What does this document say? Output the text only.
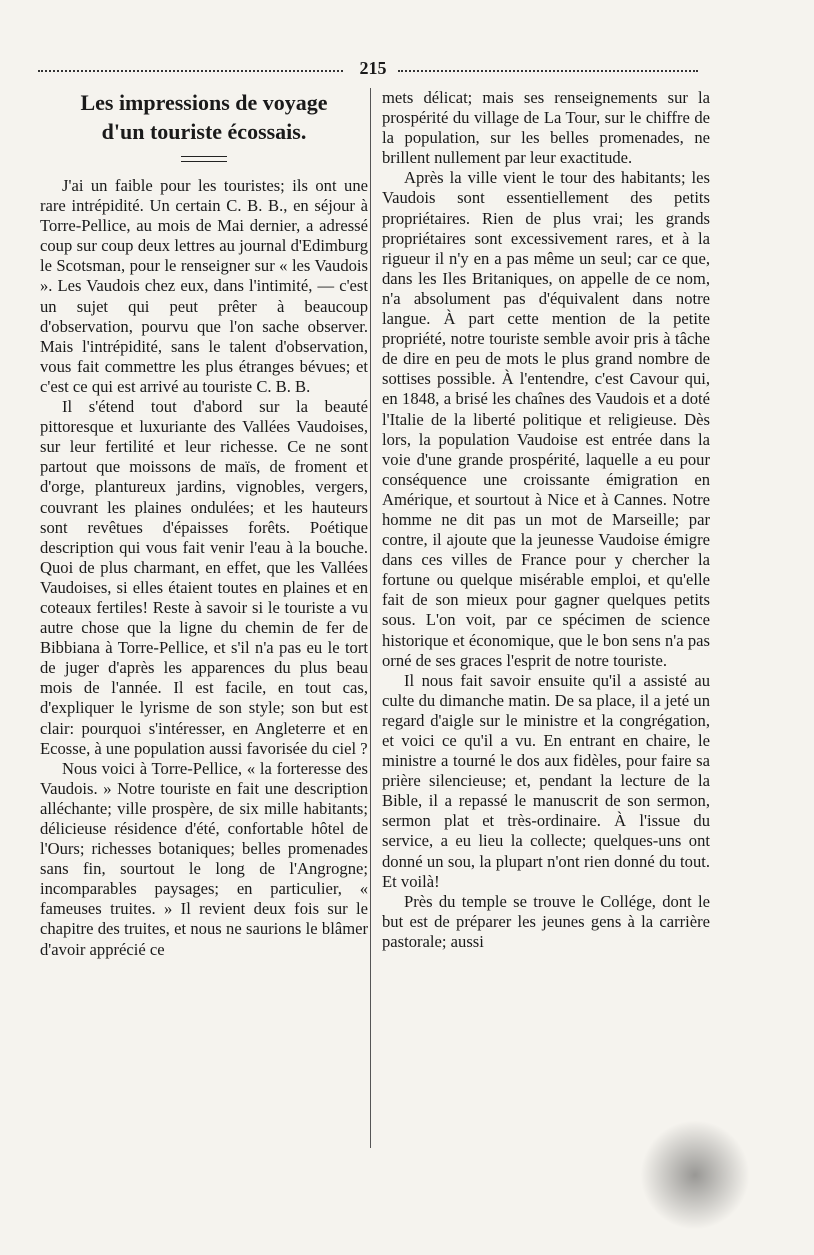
215
Les impressions de voyage
d'un touriste écossais.

J'ai un faible pour les touristes; ils ont une rare intrépidité. Un certain C. B. B., en séjour à Torre-Pellice, au mois de Mai dernier, a adressé coup sur coup deux lettres au journal d'Edimburg le Scotsman, pour le renseigner sur « les Vaudois ». Les Vaudois chez eux, dans l'intimité, — c'est un sujet qui peut prêter à beaucoup d'observation, pourvu que l'on sache observer. Mais l'intrépidité, sans le talent d'observation, vous fait commettre les plus étranges bévues; et c'est ce qui est arrivé au touriste C. B. B.

Il s'étend tout d'abord sur la beauté pittoresque et luxuriante des Vallées Vaudoises, sur leur fertilité et leur richesse. Ce ne sont partout que moissons de maïs, de froment et d'orge, plantureux jardins, vignobles, vergers, couvrant les plaines ondulées; et les hauteurs sont revêtues d'épaisses forêts. Poétique description qui vous fait venir l'eau à la bouche. Quoi de plus charmant, en effet, que les Vallées Vaudoises, si elles étaient toutes en plaines et en coteaux fertiles! Reste à savoir si le touriste a vu autre chose que la ligne du chemin de fer de Bibbiana à Torre-Pellice, et s'il n'a pas eu le tort de juger d'après les apparences du plus beau mois de l'année. Il est facile, en tout cas, d'expliquer le lyrisme de son style; son but est clair: pourquoi s'intéresser, en Angleterre et en Ecosse, à une population aussi favorisée du ciel ?

Nous voici à Torre-Pellice, « la forteresse des Vaudois. » Notre touriste en fait une description alléchante; ville prospère, de six mille habitants; délicieuse résidence d'été, confortable hôtel de l'Ours; richesses botaniques; belles promenades sans fin, sourtout le long de l'Angrogne; incomparables paysages; en particulier, « fameuses truites. » Il revient deux fois sur le chapitre des truites, et nous ne saurions le blâmer d'avoir apprécié ce

mets délicat; mais ses renseignements sur la prospérité du village de La Tour, sur le chiffre de la population, sur les belles promenades, ne brillent nullement par leur exactitude.

Après la ville vient le tour des habitants; les Vaudois sont essentiellement des petits propriétaires. Rien de plus vrai; les grands propriétaires sont excessivement rares, et à la rigueur il n'y en a pas même un seul; car ce que, dans les Iles Britaniques, on appelle de ce nom, n'a absolument pas d'équivalent dans notre langue. À part cette mention de la petite propriété, notre touriste semble avoir pris à tâche de dire en peu de mots le plus grand nombre de sottises possible. À l'entendre, c'est Cavour qui, en 1848, a brisé les chaînes des Vaudois et a doté l'Italie de la liberté politique et religieuse. Dès lors, la population Vaudoise est entrée dans la voie d'une grande prospérité, laquelle a eu pour conséquence une croissante émigration en Amérique, et sourtout à Nice et à Cannes. Notre homme ne dit pas un mot de Marseille; par contre, il ajoute que la jeunesse Vaudoise émigre dans ces villes de France pour y chercher la fortune ou quelque misérable emploi, et qu'elle fait de son mieux pour gagner quelques petits sous. L'on voit, par ce spécimen de science historique et économique, que le bon sens n'a pas orné de ses graces l'esprit de notre touriste.

Il nous fait savoir ensuite qu'il a assisté au culte du dimanche matin. De sa place, il a jeté un regard d'aigle sur le ministre et la congrégation, et voici ce qu'il a vu. En entrant en chaire, le ministre a tourné le dos aux fidèles, pour faire sa prière silencieuse; et, pendant la lecture de la Bible, il a repassé le manuscrit de son sermon, sermon plat et très-ordinaire. À l'issue du service, a eu lieu la collecte; quelques-uns ont donné un sou, la plupart n'ont rien donné du tout. Et voilà!

Près du temple se trouve le Collége, dont le but est de préparer les jeunes gens à la carrière pastorale; aussi
